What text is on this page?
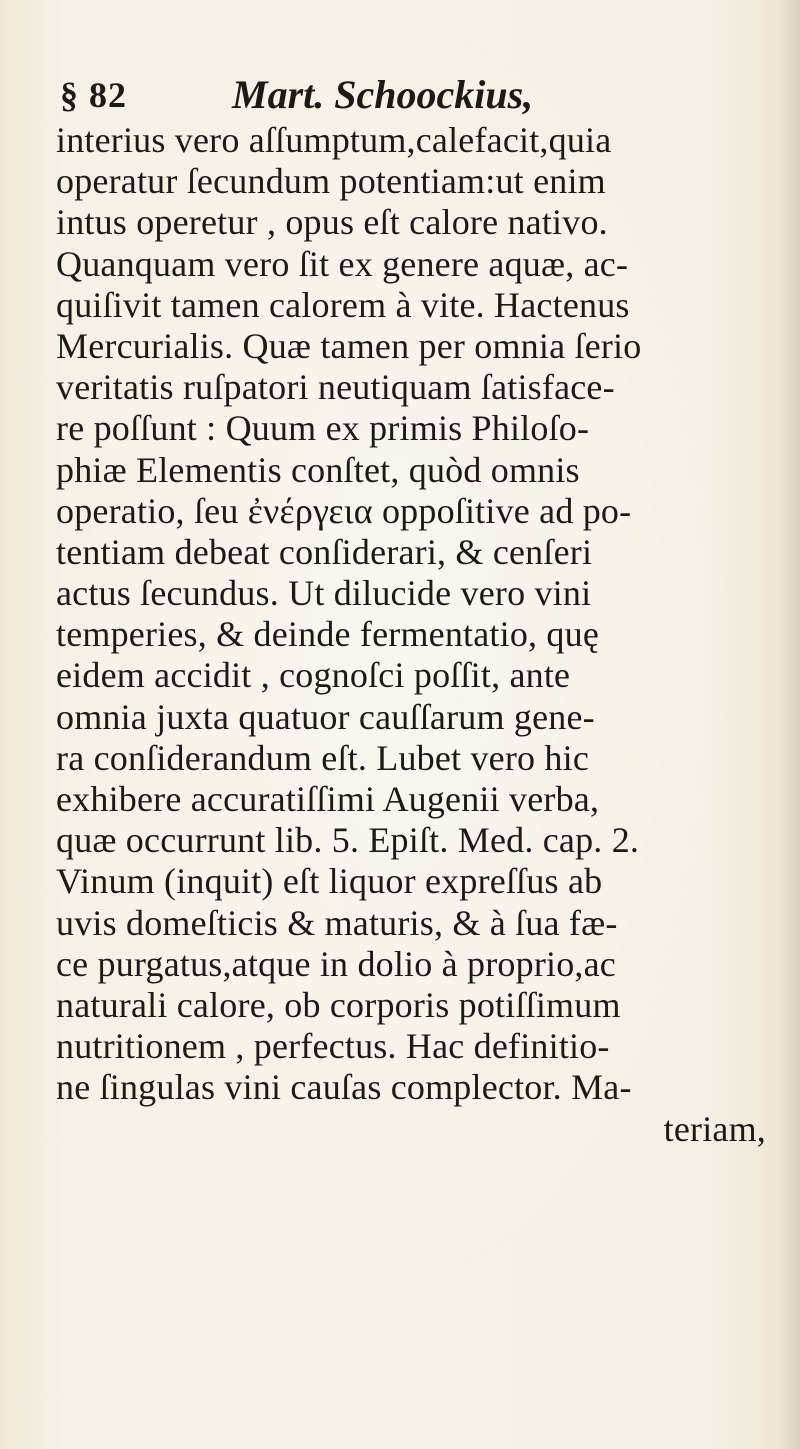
§ 82	Mart. Schoockius,
interius vero aſſumptum,calefacit,quia
operatur ſecundum potentiam:ut enim
intus operetur , opus eſt calore nativo.
Quanquam vero ſit ex genere aquæ, ac-
quiſivit tamen calorem à vite. Hactenus
Mercurialis. Quæ tamen per omnia ſerio
veritatis ruſpatori neutiquam ſatisface-
re poſſunt : Quum ex primis Philoſo-
phiæ Elementis conſtet, quòd omnis
operatio, ſeu ἐνέργεια oppoſitive ad po-
tentiam debeat conſiderari, & cenſeri
actus ſecundus. Ut dilucide vero vini
temperies, & deinde fermentatio, quę
eidem accidit , cognoſci poſſit, ante
omnia juxta quatuor cauſſarum gene-
ra conſiderandum eſt. Lubet vero hic
exhibere accuratiſſimi Augenii verba,
quæ occurrunt lib. 5. Epiſt. Med. cap. 2.
Vinum (inquit) eſt liquor expreſſus ab
uvis domeſticis & maturis, & à ſua fæ-
ce purgatus,atque in dolio à proprio,ac
naturali calore, ob corporis potiſſimum
nutritionem , perfectus. Hac definitio-
ne ſingulas vini cauſas complector. Ma-
teriam,
